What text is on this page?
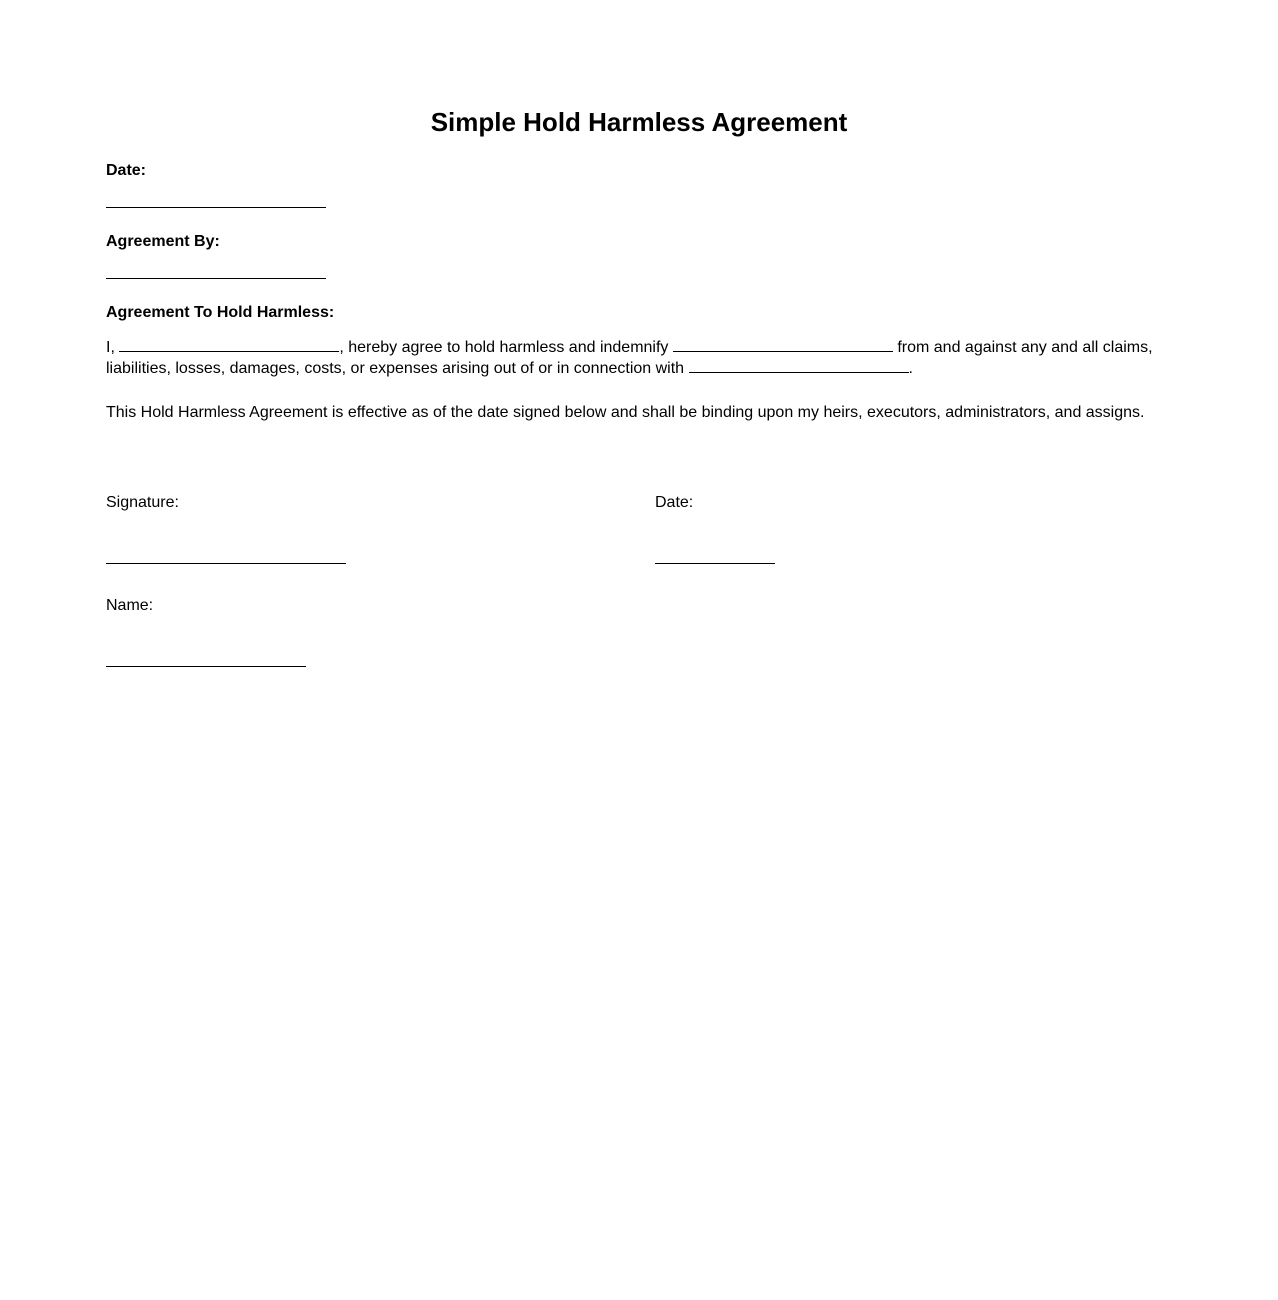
Simple Hold Harmless Agreement
Date:
Agreement By:
Agreement To Hold Harmless:

I,	, hereby agree to hold harmless and indemnify	from and against any and all claims, liabilities, losses, damages, costs, or expenses arising out of or in connection with	.

This Hold Harmless Agreement is effective as of the date signed below and shall be binding upon my heirs, executors, administrators, and assigns.

Signature:	Date:
Name:
